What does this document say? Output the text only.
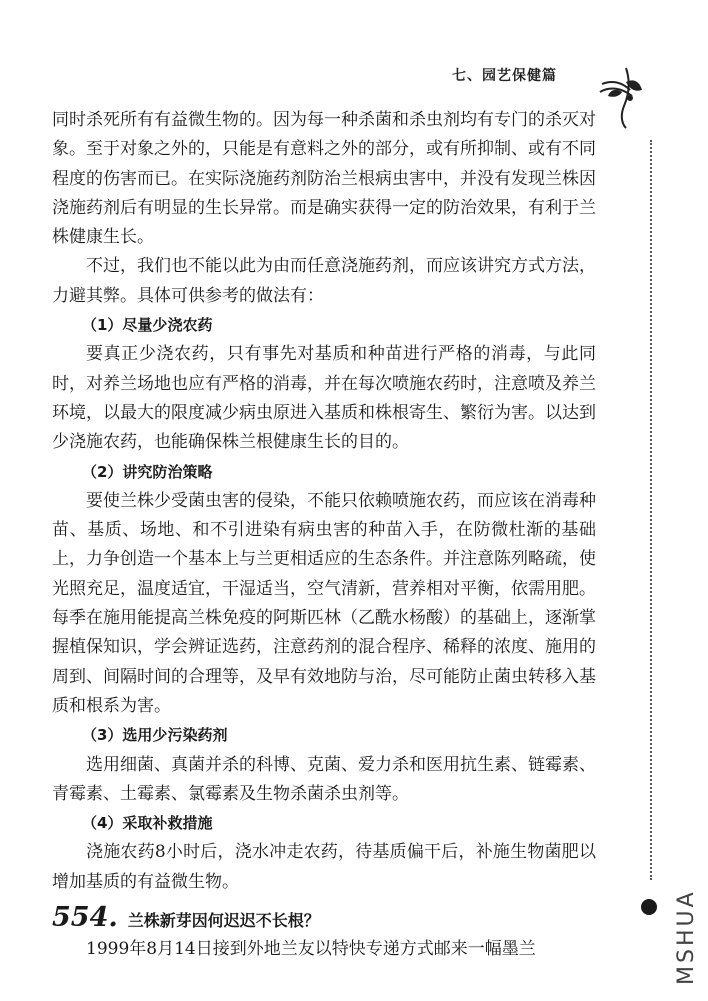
七、园艺保健篇

同时杀死所有有益微生物的。因为每一种杀菌和杀虫剂均有专门的杀灭对象。至于对象之外的，只能是有意料之外的部分，或有所抑制、或有不同程度的伤害而已。在实际浇施药剂防治兰根病虫害中，并没有发现兰株因浇施药剂后有明显的生长异常。而是确实获得一定的防治效果，有利于兰株健康生长。

不过，我们也不能以此为由而任意浇施药剂，而应该讲究方式方法，力避其弊。具体可供参考的做法有：

（1）尽量少浇农药

要真正少浇农药，只有事先对基质和种苗进行严格的消毒，与此同时，对养兰场地也应有严格的消毒，并在每次喷施农药时，注意喷及养兰环境，以最大的限度减少病虫原进入基质和株根寄生、繁衍为害。以达到少浇施农药，也能确保株兰根健康生长的目的。

（2）讲究防治策略

要使兰株少受菌虫害的侵染，不能只依赖喷施农药，而应该在消毒种苗、基质、场地、和不引进染有病虫害的种苗入手，在防微杜渐的基础上，力争创造一个基本上与兰更相适应的生态条件。并注意陈列略疏，使光照充足，温度适宜，干湿适当，空气清新，营养相对平衡，依需用肥。每季在施用能提高兰株免疫的阿斯匹林（乙酰水杨酸）的基础上，逐渐掌握植保知识，学会辨证选药，注意药剂的混合程序、稀释的浓度、施用的周到、间隔时间的合理等，及早有效地防与治，尽可能防止菌虫转移入基质和根系为害。

（3）选用少污染药剂

选用细菌、真菌并杀的科博、克菌、爱力杀和医用抗生素、链霉素、青霉素、土霉素、氯霉素及生物杀菌杀虫剂等。

（4）采取补救措施

浇施农药8小时后，浇水冲走农药，待基质偏干后，补施生物菌肥以增加基质的有益微生物。

554. 兰株新芽因何迟迟不长根？

1999年8月14日接到外地兰友以特快专递方式邮来一幅墨兰	MSHUA
